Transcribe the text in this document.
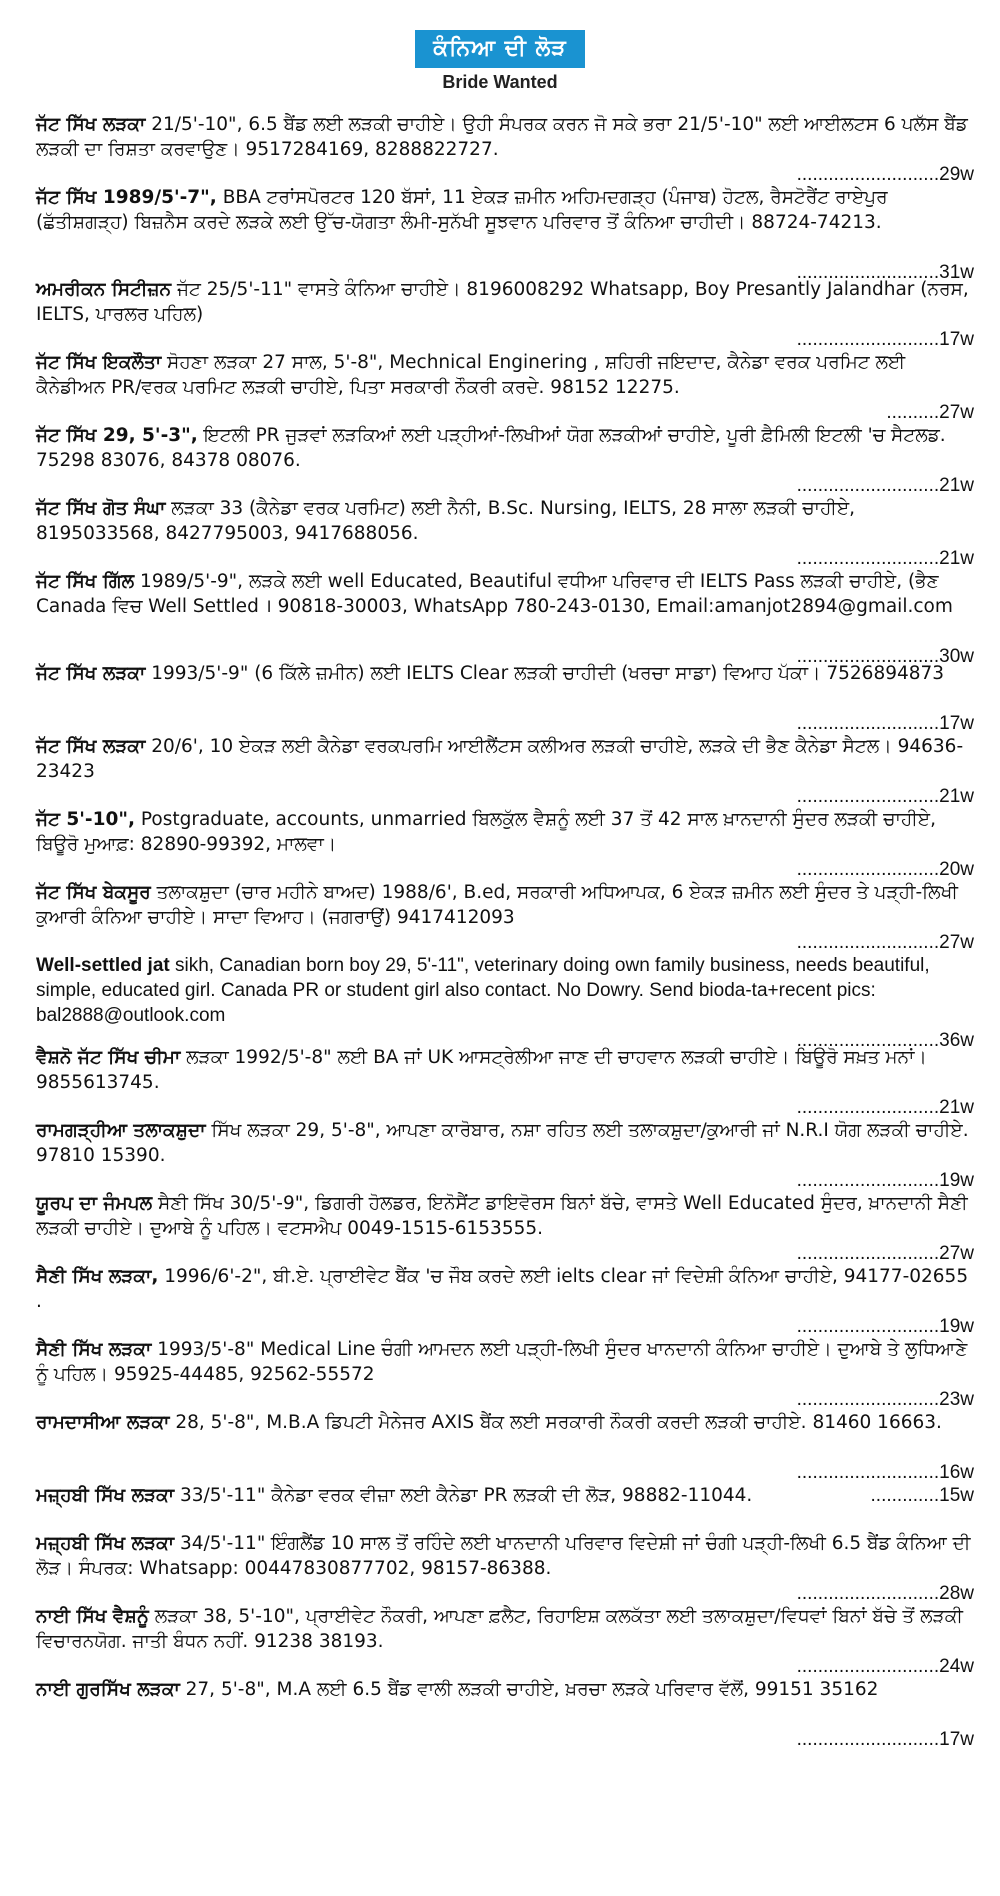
ਕੰਨਿਆ ਦੀ ਲੋੜ
Bride Wanted
ਜੱਟ ਸਿੱਖ ਲੜਕਾ 21/5'-10", 6.5 ਬੈਂਡ ਲਈ ਲੜਕੀ ਚਾਹੀਏ। ਉਹੀ ਸੰਪਰਕ ਕਰਨ ਜੋ ਸਕੇ ਭਰਾ 21/5'-10" ਲਈ ਆਈਲਟਸ 6 ਪਲੱਸ ਬੈਂਡ ਲੜਕੀ ਦਾ ਰਿਸ਼ਤਾ ਕਰਵਾਉਣ। 9517284169, 8288822727.
...........................29w
ਜੱਟ ਸਿੱਖ 1989/5'-7", BBA ਟਰਾਂਸਪੋਰਟਰ 120 ਬੱਸਾਂ, 11 ਏਕੜ ਜ਼ਮੀਨ ਅਹਿਮਦਗੜ੍ਹ (ਪੰਜਾਬ) ਹੋਟਲ, ਰੈਸਟੋਰੈਂਟ ਰਾਏਪੁਰ (ਛੱਤੀਸ਼ਗੜ੍ਹ) ਬਿਜ਼ਨੈਸ ਕਰਦੇ ਲੜਕੇ ਲਈ ਉੱਚ-ਯੋਗਤਾ ਲੰਮੀ-ਸੁਨੱਖੀ ਸੂਝਵਾਨ ਪਰਿਵਾਰ ਤੋਂ ਕੰਨਿਆ ਚਾਹੀਦੀ। 88724-74213.
...........................31w
ਅਮਰੀਕਨ ਸਿਟੀਜ਼ਨ ਜੱਟ 25/5'-11" ਵਾਸਤੇ ਕੰਨਿਆ ਚਾਹੀਏ। 8196008292 Whatsapp, Boy Presantly Jalandhar (ਨਰਸ, IELTS, ਪਾਰਲਰ ਪਹਿਲ)
...........................17w
ਜੱਟ ਸਿੱਖ ਇਕਲੌਤਾ ਸੋਹਣਾ ਲੜਕਾ 27 ਸਾਲ, 5'-8", Mechnical Enginering , ਸ਼ਹਿਰੀ ਜਇਦਾਦ, ਕੈਨੇਡਾ ਵਰਕ ਪਰਮਿਟ ਲਈ ਕੈਨੇਡੀਅਨ PR/ਵਰਕ ਪਰਮਿਟ ਲੜਕੀ ਚਾਹੀਏ, ਪਿਤਾ ਸਰਕਾਰੀ ਨੌਕਰੀ ਕਰਦੇ. 98152 12275.
..........27w
ਜੱਟ ਸਿੱਖ 29, 5'-3", ਇਟਲੀ PR ਜੁੜਵਾਂ ਲੜਕਿਆਂ ਲਈ ਪੜ੍ਹੀਆਂ-ਲਿਖੀਆਂ ਯੋਗ ਲੜਕੀਆਂ ਚਾਹੀਏ, ਪੂਰੀ ਫ਼ੈਮਿਲੀ ਇਟਲੀ 'ਚ ਸੈਟਲਡ. 75298 83076, 84378 08076.
...........................21w
ਜੱਟ ਸਿੱਖ ਗੋਤ ਸੰਘਾ ਲੜਕਾ 33 (ਕੈਨੇਡਾ ਵਰਕ ਪਰਮਿਟ) ਲਈ ਨੈਨੀ, B.Sc. Nursing, IELTS, 28 ਸਾਲਾ ਲੜਕੀ ਚਾਹੀਏ, 8195033568, 8427795003, 9417688056.
...........................21w
ਜੱਟ ਸਿੱਖ ਗਿੱਲ 1989/5'-9", ਲੜਕੇ ਲਈ well Educated, Beautiful ਵਧੀਆ ਪਰਿਵਾਰ ਦੀ IELTS Pass ਲੜਕੀ ਚਾਹੀਏ, (ਭੈਣ Canada ਵਿਚ Well Settled । 90818-30003, WhatsApp 780-243-0130, Email:amanjot2894@gmail.com
...........................30w
ਜੱਟ ਸਿੱਖ ਲੜਕਾ 1993/5'-9" (6 ਕਿੱਲੇ ਜ਼ਮੀਨ) ਲਈ IELTS Clear ਲੜਕੀ ਚਾਹੀਦੀ (ਖਰਚਾ ਸਾਡਾ) ਵਿਆਹ ਪੱਕਾ। 7526894873
...........................17w
ਜੱਟ ਸਿੱਖ ਲੜਕਾ 20/6', 10 ਏਕੜ ਲਈ ਕੈਨੇਡਾ ਵਰਕਪਰਮਿ ਆਈਲੈਂਟਸ ਕਲੀਅਰ ਲੜਕੀ ਚਾਹੀਏ, ਲੜਕੇ ਦੀ ਭੈਣ ਕੈਨੇਡਾ ਸੈਟਲ। 94636-23423
...........................21w
ਜੱਟ 5'-10", Postgraduate, accounts, unmarried ਬਿਲਕੁੱਲ ਵੈਸ਼ਨੂੰ ਲਈ 37 ਤੋਂ 42 ਸਾਲ ਖ਼ਾਨਦਾਨੀ ਸੁੰਦਰ ਲੜਕੀ ਚਾਹੀਏ, ਬਿਊਰੋ ਮੁਆਫ਼: 82890-99392, ਮਾਲਵਾ।
...........................20w
ਜੱਟ ਸਿੱਖ ਬੇਕਸੂਰ ਤਲਾਕਸ਼ੁਦਾ (ਚਾਰ ਮਹੀਨੇ ਬਾਅਦ) 1988/6', B.ed, ਸਰਕਾਰੀ ਅਧਿਆਪਕ, 6 ਏਕੜ ਜ਼ਮੀਨ ਲਈ ਸੁੰਦਰ ਤੇ ਪੜ੍ਹੀ-ਲਿਖੀ ਕੁਆਰੀ ਕੰਨਿਆ ਚਾਹੀਏ। ਸਾਦਾ ਵਿਆਹ। (ਜਗਰਾਉਂ) 9417412093
...........................27w
Well-settled jat sikh, Canadian born boy 29, 5'-11", veterinary doing own family business, needs beautiful, simple, educated girl. Canada PR or student girl also contact. No Dowry. Send bioda-ta+recent pics: bal2888@outlook.com
...........................36w
ਵੈਸ਼ਨੋ ਜੱਟ ਸਿੱਖ ਚੀਮਾ ਲੜਕਾ 1992/5'-8" ਲਈ BA ਜਾਂ UK ਆਸਟ੍ਰੇਲੀਆ ਜਾਣ ਦੀ ਚਾਹਵਾਨ ਲੜਕੀ ਚਾਹੀਏ। ਬਿਊਰੋ ਸਖ਼ਤ ਮਨਾਂ। 9855613745.
...........................21w
ਰਾਮਗੜ੍ਹੀਆ ਤਲਾਕਸ਼ੁਦਾ ਸਿੱਖ ਲੜਕਾ 29, 5'-8", ਆਪਣਾ ਕਾਰੋਬਾਰ, ਨਸ਼ਾ ਰਹਿਤ ਲਈ ਤਲਾਕਸ਼ੁਦਾ/ਕੁਆਰੀ ਜਾਂ N.R.I ਯੋਗ ਲੜਕੀ ਚਾਹੀਏ. 97810 15390.
...........................19w
ਯੂਰਪ ਦਾ ਜੰਮਪਲ ਸੈਣੀ ਸਿੱਖ 30/5'-9", ਡਿਗਰੀ ਹੋਲਡਰ, ਇਨੋਸੈਂਟ ਡਾਇਵੋਰਸ ਬਿਨਾਂ ਬੱਚੇ, ਵਾਸਤੇ Well Educated ਸੁੰਦਰ, ਖ਼ਾਨਦਾਨੀ ਸੈਣੀ ਲੜਕੀ ਚਾਹੀਏ। ਦੁਆਬੇ ਨੂੰ ਪਹਿਲ। ਵਟਸਐਪ 0049-1515-6153555.
...........................27w
ਸੈਣੀ ਸਿੱਖ ਲੜਕਾ, 1996/6'-2", ਬੀ.ਏ. ਪ੍ਰਾਈਵੇਟ ਬੈਂਕ 'ਚ ਜੌਬ ਕਰਦੇ ਲਈ ielts clear ਜਾਂ ਵਿਦੇਸ਼ੀ ਕੰਨਿਆ ਚਾਹੀਏ, 94177-02655 .
...........................19w
ਸੈਣੀ ਸਿੱਖ ਲੜਕਾ 1993/5'-8" Medical Line ਚੰਗੀ ਆਮਦਨ ਲਈ ਪੜ੍ਹੀ-ਲਿਖੀ ਸੁੰਦਰ ਖਾਨਦਾਨੀ ਕੰਨਿਆ ਚਾਹੀਏ। ਦੁਆਬੇ ਤੇ ਲੁਧਿਆਣੇ ਨੂੰ ਪਹਿਲ। 95925-44485, 92562-55572
...........................23w
ਰਾਮਦਾਸੀਆ ਲੜਕਾ 28, 5'-8", M.B.A ਡਿਪਟੀ ਮੈਨੇਜਰ AXIS ਬੈਂਕ ਲਈ ਸਰਕਾਰੀ ਨੌਕਰੀ ਕਰਦੀ ਲੜਕੀ ਚਾਹੀਏ. 81460 16663.
...........................16w
ਮਜ਼੍ਹਬੀ ਸਿੱਖ ਲੜਕਾ 33/5'-11" ਕੈਨੇਡਾ ਵਰਕ ਵੀਜ਼ਾ ਲਈ ਕੈਨੇਡਾ PR ਲੜਕੀ ਦੀ ਲੋੜ, 98882-11044.	.............15w
ਮਜ਼੍ਹਬੀ ਸਿੱਖ ਲੜਕਾ 34/5'-11" ਇੰਗਲੈਂਡ 10 ਸਾਲ ਤੋਂ ਰਹਿੰਦੇ ਲਈ ਖਾਨਦਾਨੀ ਪਰਿਵਾਰ ਵਿਦੇਸ਼ੀ ਜਾਂ ਚੰਗੀ ਪੜ੍ਹੀ-ਲਿਖੀ 6.5 ਬੈਂਡ ਕੰਨਿਆ ਦੀ ਲੋੜ। ਸੰਪਰਕ: Whatsapp: 00447830877702, 98157-86388.
...........................28w
ਨਾਈ ਸਿੱਖ ਵੈਸ਼ਨੂੰ ਲੜਕਾ 38, 5'-10", ਪ੍ਰਾਈਵੇਟ ਨੌਕਰੀ, ਆਪਣਾ ਫ਼ਲੈਟ, ਰਿਹਾਇਸ਼ ਕਲਕੱਤਾ ਲਈ ਤਲਾਕਸ਼ੁਦਾ/ਵਿਧਵਾਂ ਬਿਨਾਂ ਬੱਚੇ ਤੋਂ ਲੜਕੀ ਵਿਚਾਰਨਯੋਗ. ਜਾਤੀ ਬੰਧਨ ਨਹੀਂ. 91238 38193.
...........................24w
ਨਾਈ ਗੁਰਸਿੱਖ ਲੜਕਾ 27, 5'-8", M.A ਲਈ 6.5 ਬੈਂਡ ਵਾਲੀ ਲੜਕੀ ਚਾਹੀਏ, ਖ਼ਰਚਾ ਲੜਕੇ ਪਰਿਵਾਰ ਵੱਲੋਂ, 99151 35162
...........................17w
